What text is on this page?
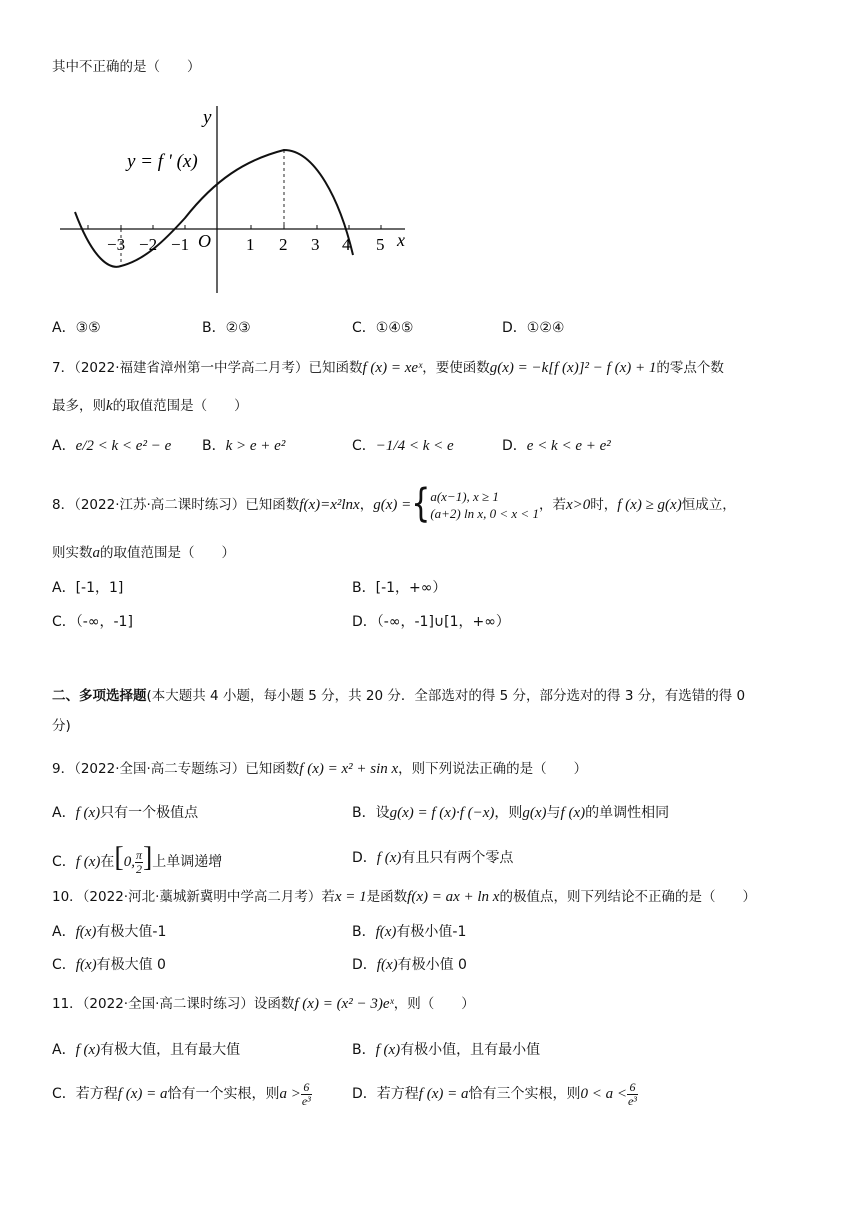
其中不正确的是（　　）
y
x
y = f ' (x)
O
−3 −2 −1	1 2 3 4 5
A．③⑤	B．②③	C．①④⑤	D．①②④
7．（2022·福建省漳州第一中学高二月考）已知函数f (x) = xeˣ，要使函数g(x) = −k[f (x)]² − f (x) + 1的零点个数
最多，则k的取值范围是（　　）
A．e/2 < k < e² − e B．k > e + e²	C．−1/4 < k < e	D．e < k < e + e²
8．（2022·江苏·高二课时练习）已知函数f(x)=x²lnx，g(x) ={ a(x−1), x ≥ 1
(a+2) ln x, 0 < x < 1
，若x>0时，f (x) ≥ g(x)恒成立，
则实数a的取值范围是（　　）
A．[-1，1]	B．[-1，+∞）
C．（-∞，-1]	D．（-∞，-1]∪[1，+∞）
二、多项选择题(本大题共 4 小题，每小题 5 分，共 20 分．全部选对的得 5 分，部分选对的得 3 分，有选错的得 0
分)
9．（2022·全国·高二专题练习）已知函数f (x) = x² + sin x，则下列说法正确的是（　　）
A．f (x)只有一个极值点	B．设g(x) = f (x)·f (−x)，则g(x)与f (x)的单调性相同
C．f (x)在[0, $\frac{\pi}{2}$ ]上单调递增	D．f (x)有且只有两个零点
10．（2022·河北·藁城新冀明中学高二月考）若x = 1是函数f(x) = ax + ln x的极值点，则下列结论不正确的是（　　）
A．f(x)有极大值-1	B．f(x)有极小值-1
C．f(x)有极大值 0	D．f(x)有极小值 0
11．（2022·全国·高二课时练习）设函数f (x) = (x² − 3)eˣ，则（　　）
A．f (x)有极大值，且有最大值	B．f (x)有极小值，且有最小值
C．若方程f (x) = a恰有一个实根，则$a > \frac{6}{\text{e³}}$	D．若方程f (x) = a恰有三个实根，则$0 < a < \frac{6}{\text{e³}}$
